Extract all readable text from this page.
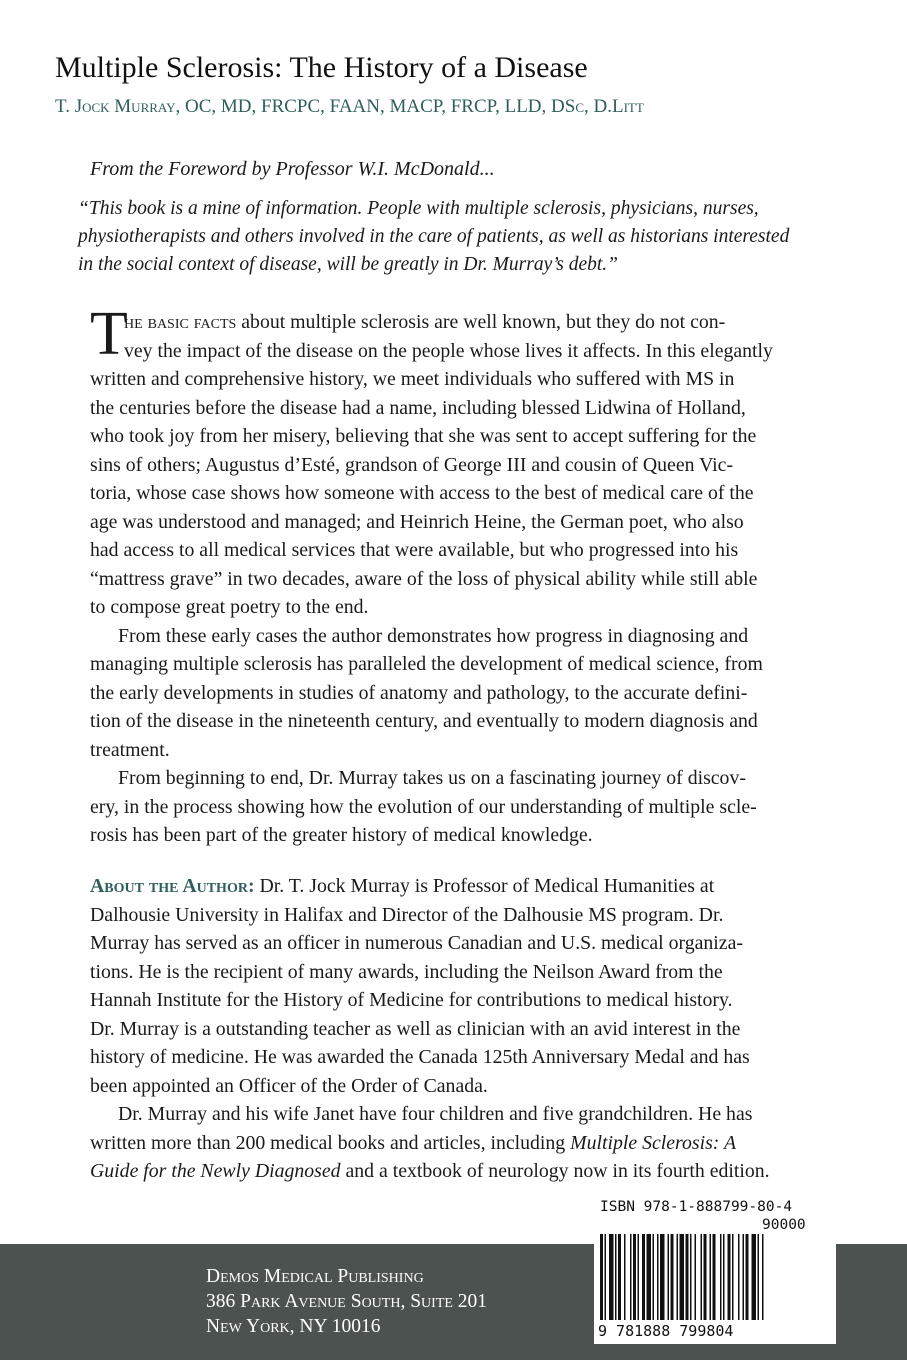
Multiple Sclerosis: The History of a Disease
T. Jock Murray, OC, MD, FRCPC, FAAN, MACP, FRCP, LLD, DSc, D.Litt
From the Foreword by Professor W.I. McDonald...
“This book is a mine of information. People with multiple sclerosis, physicians, nurses,
physiotherapists and others involved in the care of patients, as well as historians interested
in the social context of disease, will be greatly in Dr. Murray’s debt.”
T
he basic facts about multiple sclerosis are well known, but they do not con-
vey the impact of the disease on the people whose lives it affects. In this elegantly
written and comprehensive history, we meet individuals who suffered with MS in
the centuries before the disease had a name, including blessed Lidwina of Holland,
who took joy from her misery, believing that she was sent to accept suffering for the
sins of others; Augustus d’Esté, grandson of George III and cousin of Queen Vic-
toria, whose case shows how someone with access to the best of medical care of the
age was understood and managed; and Heinrich Heine, the German poet, who also
had access to all medical services that were available, but who progressed into his
“mattress grave” in two decades, aware of the loss of physical ability while still able
to compose great poetry to the end.
From these early cases the author demonstrates how progress in diagnosing and
managing multiple sclerosis has paralleled the development of medical science, from
the early developments in studies of anatomy and pathology, to the accurate defini-
tion of the disease in the nineteenth century, and eventually to modern diagnosis and
treatment.
From beginning to end, Dr. Murray takes us on a fascinating journey of discov-
ery, in the process showing how the evolution of our understanding of multiple scle-
rosis has been part of the greater history of medical knowledge.
About the Author: Dr. T. Jock Murray is Professor of Medical Humanities at
Dalhousie University in Halifax and Director of the Dalhousie MS program. Dr.
Murray has served as an officer in numerous Canadian and U.S. medical organiza-
tions. He is the recipient of many awards, including the Neilson Award from the
Hannah Institute for the History of Medicine for contributions to medical history.
Dr. Murray is a outstanding teacher as well as clinician with an avid interest in the
history of medicine. He was awarded the Canada 125th Anniversary Medal and has
been appointed an Officer of the Order of Canada.
Dr. Murray and his wife Janet have four children and five grandchildren. He has
written more than 200 medical books and articles, including Multiple Sclerosis: A
Guide for the Newly Diagnosed and a textbook of neurology now in its fourth edition.
Demos Medical Publishing
386 Park Avenue South, Suite 201
New York, NY 10016
ISBN 978-1-888799-80-4
90000
9 781888 799804
